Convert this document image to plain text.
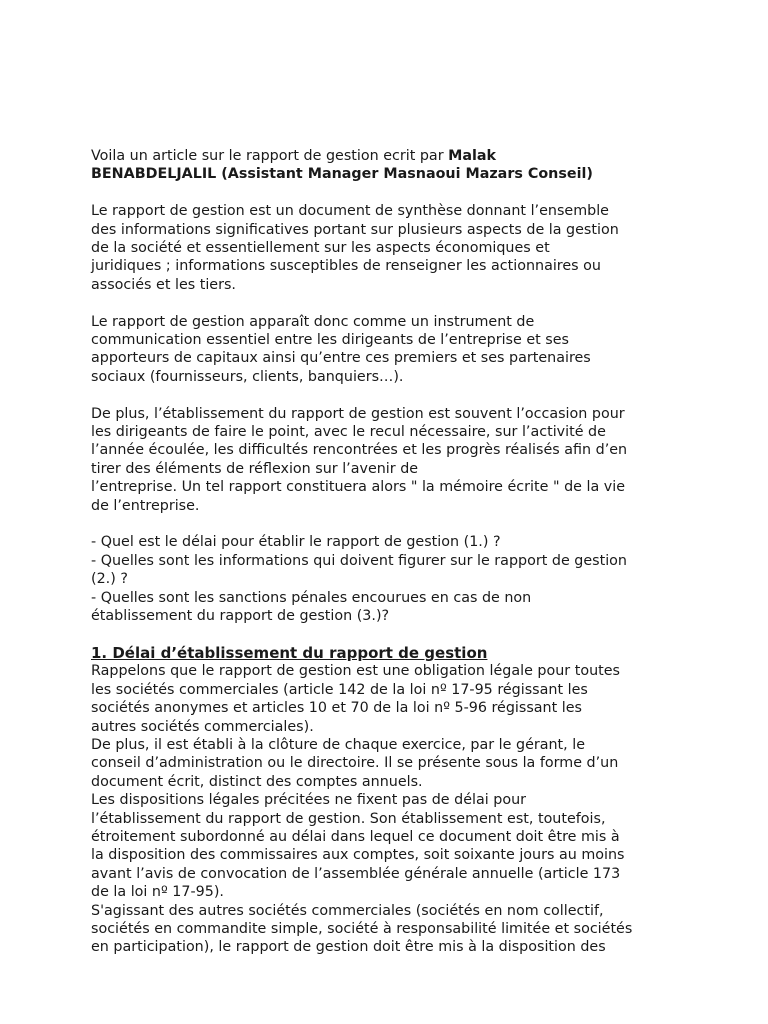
Voila un article sur le rapport de gestion ecrit par Malak
BENABDELJALIL (Assistant Manager Masnaoui Mazars Conseil)

Le rapport de gestion est un document de synthèse donnant l’ensemble
des informations significatives portant sur plusieurs aspects de la gestion
de la société et essentiellement sur les aspects économiques et
juridiques ; informations susceptibles de renseigner les actionnaires ou
associés et les tiers.

Le rapport de gestion apparaît donc comme un instrument de
communication essentiel entre les dirigeants de l’entreprise et ses
apporteurs de capitaux ainsi qu’entre ces premiers et ses partenaires
sociaux (fournisseurs, clients, banquiers…).

De plus, l’établissement du rapport de gestion est souvent l’occasion pour
les dirigeants de faire le point, avec le recul nécessaire, sur l’activité de
l’année écoulée, les difficultés rencontrées et les progrès réalisés afin d’en
tirer des éléments de réflexion sur l’avenir de
l’entreprise. Un tel rapport constituera alors " la mémoire écrite " de la vie
de l’entreprise.

- Quel est le délai pour établir le rapport de gestion (1.) ?
- Quelles sont les informations qui doivent figurer sur le rapport de gestion
(2.) ?
- Quelles sont les sanctions pénales encourues en cas de non
établissement du rapport de gestion (3.)?

1. Délai d’établissement du rapport de gestion

Rappelons que le rapport de gestion est une obligation légale pour toutes
les sociétés commerciales (article 142 de la loi nº 17-95 régissant les
sociétés anonymes et articles 10 et 70 de la loi nº 5-96 régissant les
autres sociétés commerciales).
De plus, il est établi à la clôture de chaque exercice, par le gérant, le
conseil d’administration ou le directoire. Il se présente sous la forme d’un
document écrit, distinct des comptes annuels.
Les dispositions légales précitées ne fixent pas de délai pour
l’établissement du rapport de gestion. Son établissement est, toutefois,
étroitement subordonné au délai dans lequel ce document doit être mis à
la disposition des commissaires aux comptes, soit soixante jours au moins
avant l’avis de convocation de l’assemblée générale annuelle (article 173
de la loi nº 17-95).
S'agissant des autres sociétés commerciales (sociétés en nom collectif,
sociétés en commandite simple, société à responsabilité limitée et sociétés
en participation), le rapport de gestion doit être mis à la disposition des
